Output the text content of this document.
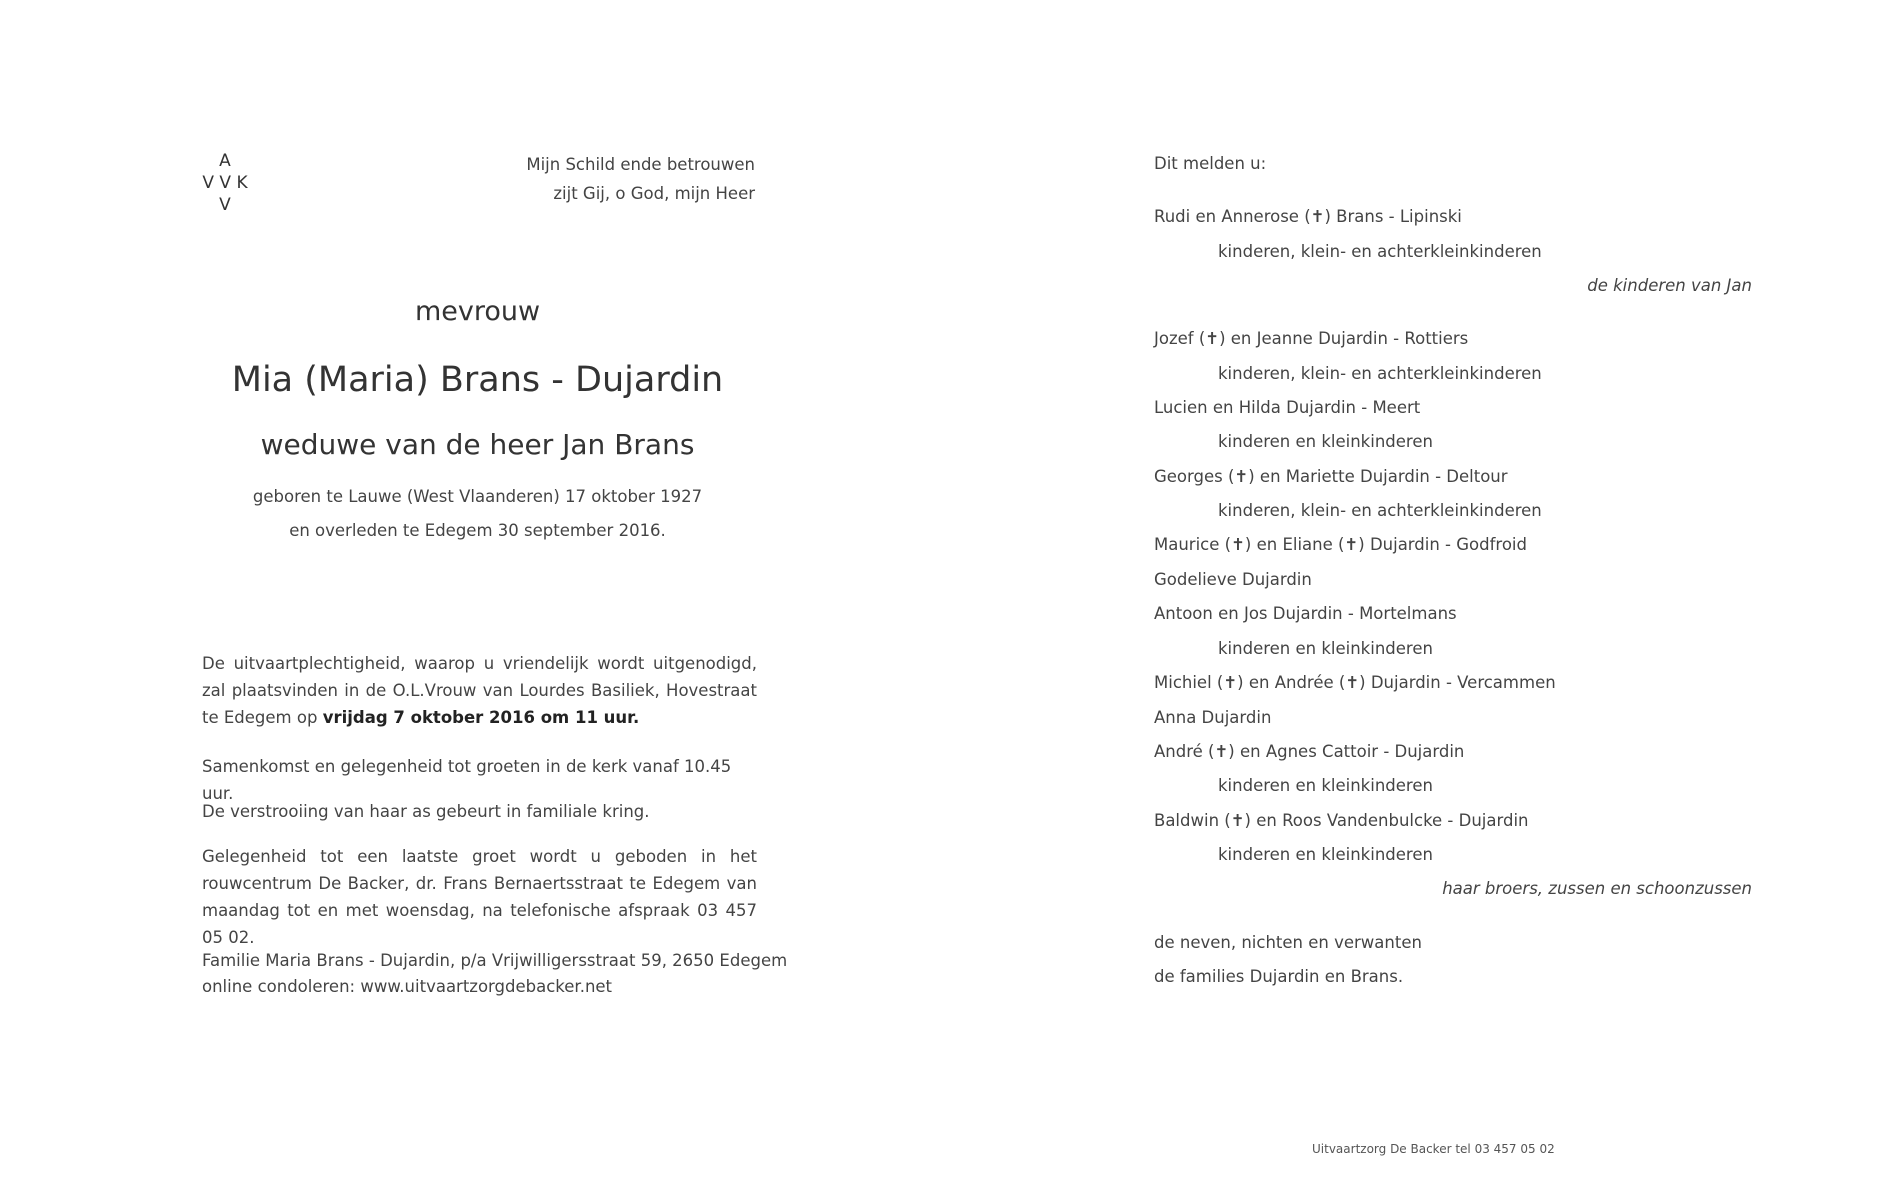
A
V V K
V
Mijn Schild ende betrouwen
zijt Gij, o God, mijn Heer
mevrouw
Mia (Maria) Brans - Dujardin
weduwe van de heer Jan Brans
geboren te Lauwe (West Vlaanderen) 17 oktober 1927
en overleden te Edegem 30 september 2016.
De uitvaartplechtigheid, waarop u vriendelijk wordt uitgenodigd, zal plaatsvinden in de O.L.Vrouw van Lourdes Basiliek, Hovestraat te Edegem op vrijdag 7 oktober 2016 om 11 uur.
Samenkomst en gelegenheid tot groeten in de kerk vanaf 10.45 uur.
De verstrooiing van haar as gebeurt in familiale kring.
Gelegenheid tot een laatste groet wordt u geboden in het rouwcentrum De Backer, dr. Frans Bernaertsstraat te Edegem van maandag tot en met woensdag, na telefonische afspraak 03 457 05 02.
Familie Maria Brans - Dujardin, p/a Vrijwilligersstraat 59, 2650 Edegem
online condoleren: www.uitvaartzorgdebacker.net
Dit melden u:
Rudi en Annerose (✝) Brans - Lipinski
kinderen, klein- en achterkleinkinderen
de kinderen van Jan
Jozef (✝) en Jeanne Dujardin - Rottiers
kinderen, klein- en achterkleinkinderen
Lucien en Hilda Dujardin - Meert
kinderen en kleinkinderen
Georges (✝) en Mariette Dujardin - Deltour
kinderen, klein- en achterkleinkinderen
Maurice (✝) en Eliane (✝) Dujardin - Godfroid
Godelieve Dujardin
Antoon en Jos Dujardin - Mortelmans
kinderen en kleinkinderen
Michiel (✝) en Andrée (✝) Dujardin - Vercammen
Anna Dujardin
André (✝) en Agnes Cattoir - Dujardin
kinderen en kleinkinderen
Baldwin (✝) en Roos Vandenbulcke - Dujardin
kinderen en kleinkinderen
haar broers, zussen en schoonzussen
de neven, nichten en verwanten
de families Dujardin en Brans.
Uitvaartzorg De Backer tel 03 457 05 02
